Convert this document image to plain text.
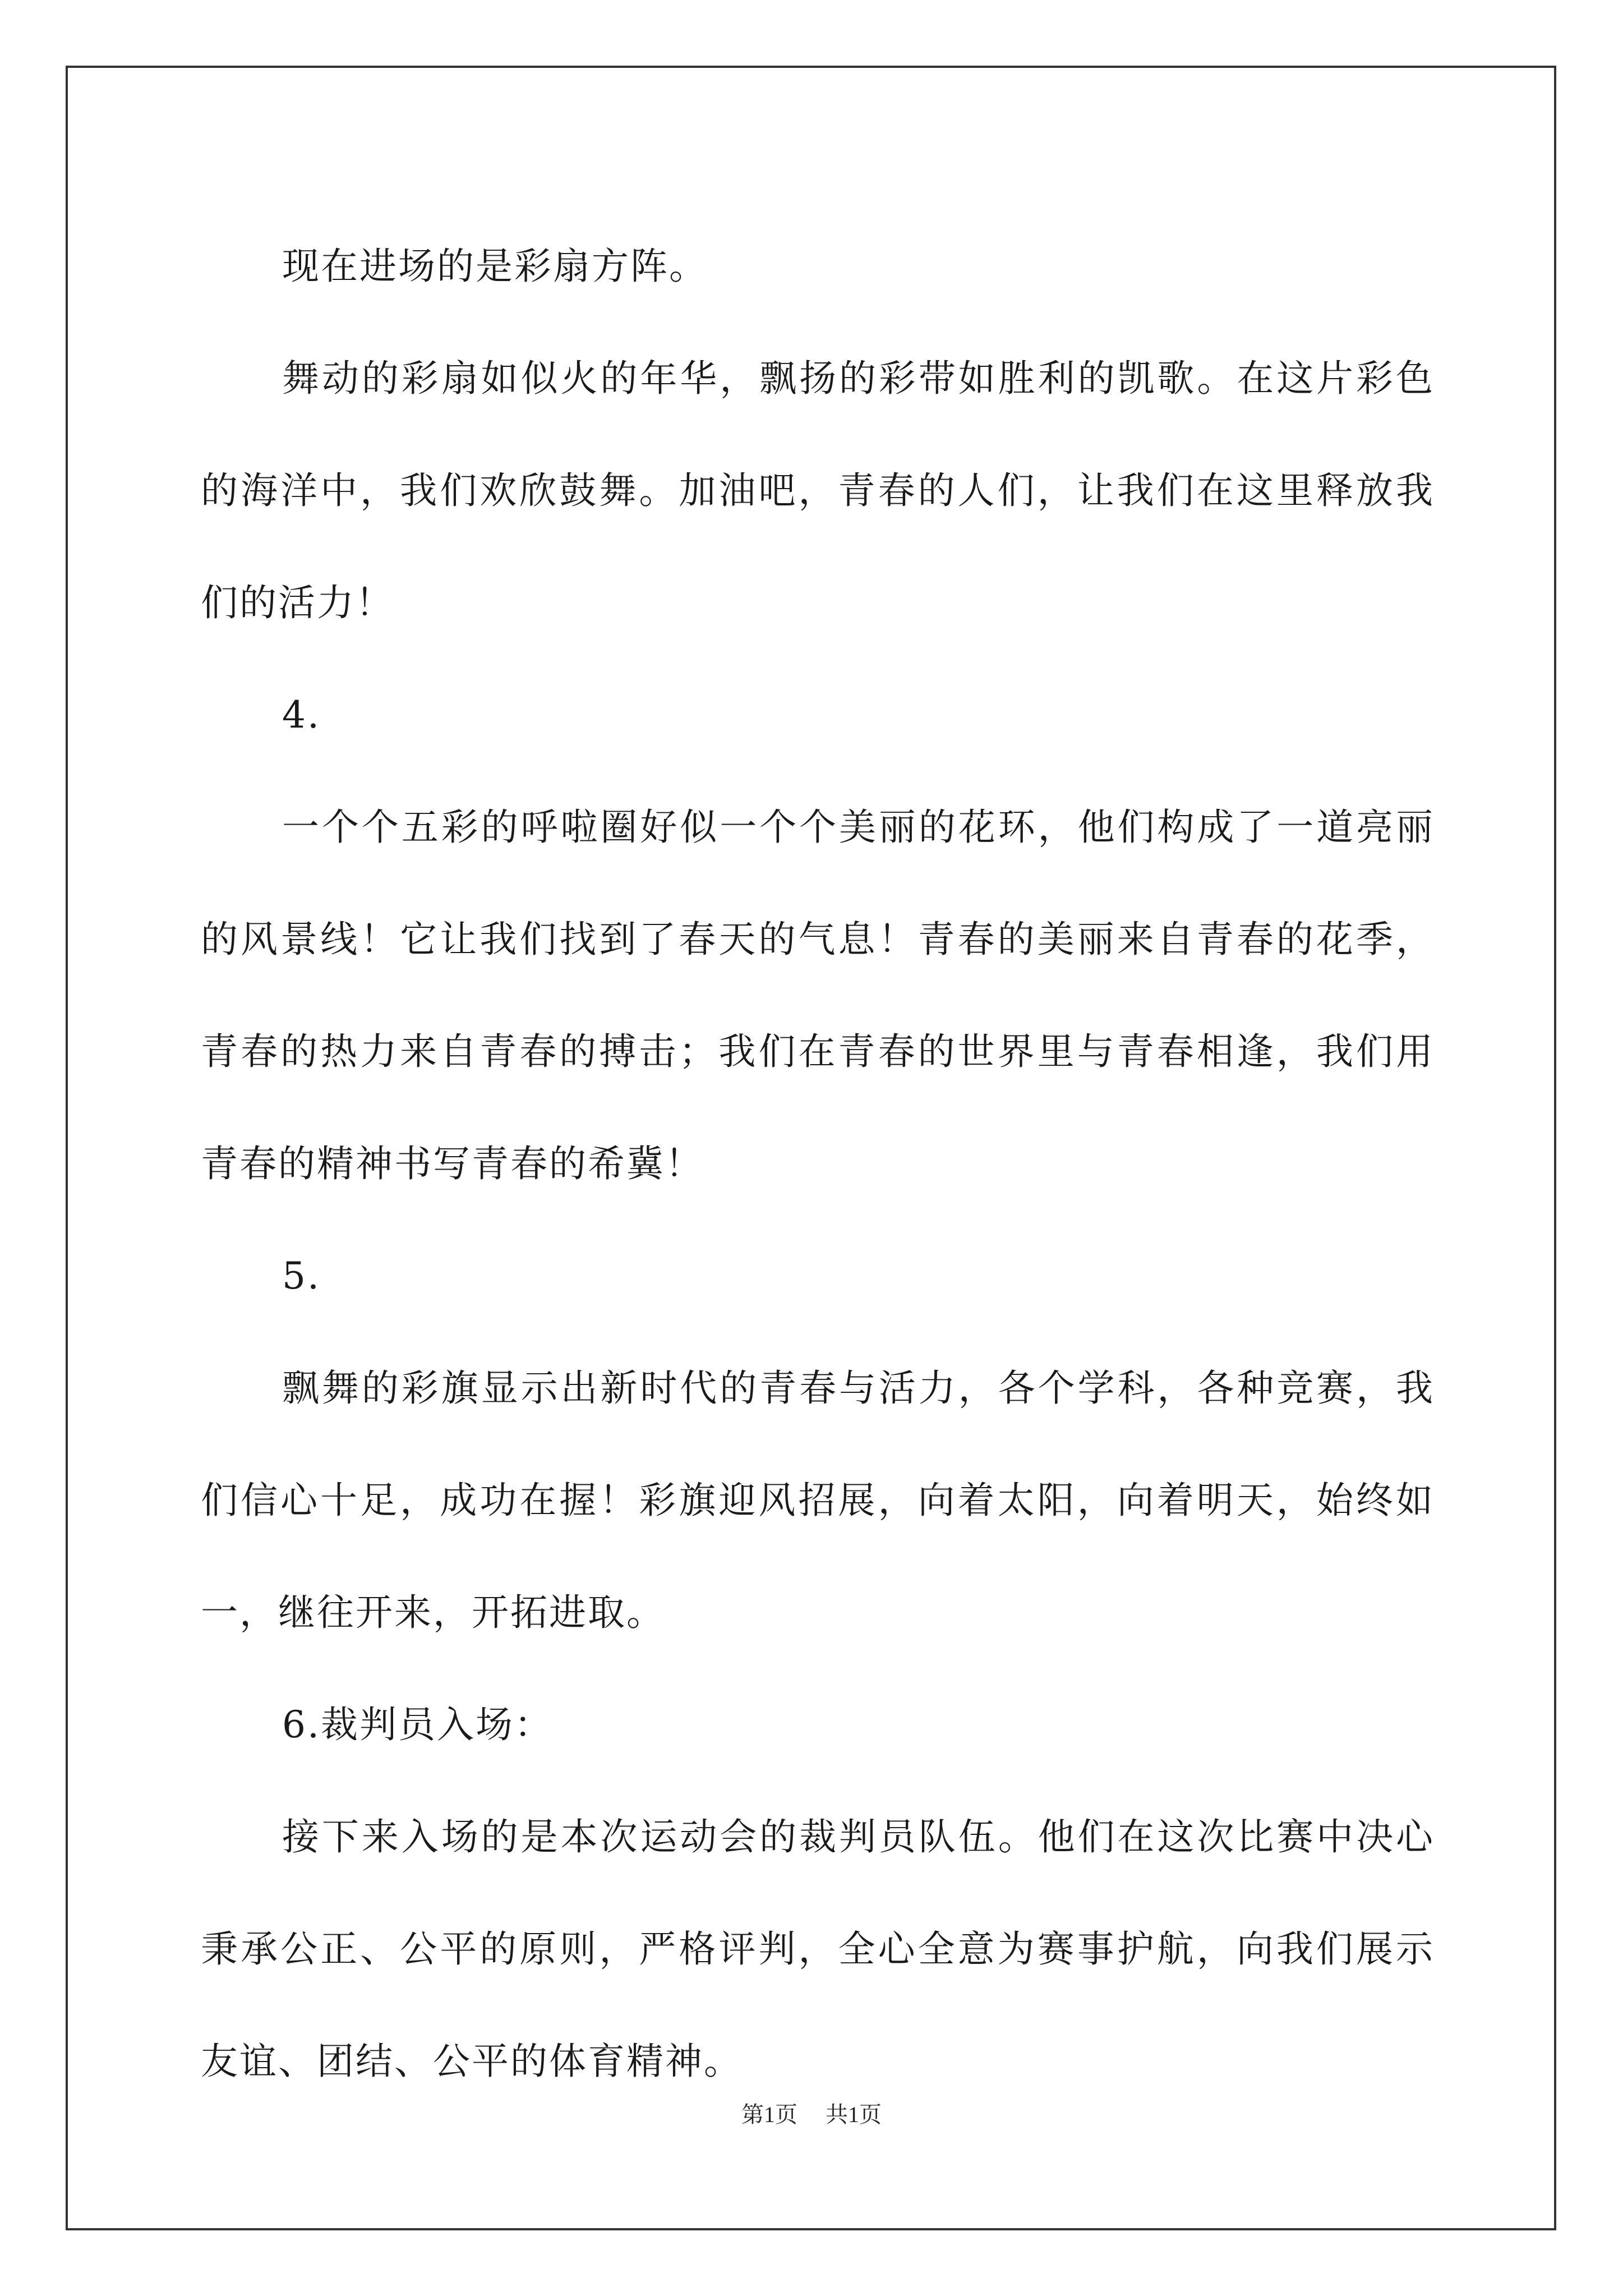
现在进场的是彩扇方阵。

舞动的彩扇如似火的年华，飘扬的彩带如胜利的凯歌。在这片彩色的海洋中，我们欢欣鼓舞。加油吧，青春的人们，让我们在这里释放我们的活力！

4.

一个个五彩的呼啦圈好似一个个美丽的花环，他们构成了一道亮丽的风景线！它让我们找到了春天的气息！青春的美丽来自青春的花季，青春的热力来自青春的搏击；我们在青春的世界里与青春相逢，我们用青春的精神书写青春的希冀！

5.

飘舞的彩旗显示出新时代的青春与活力，各个学科，各种竞赛，我们信心十足，成功在握！彩旗迎风招展，向着太阳，向着明天，始终如一，继往开来，开拓进取。

6.裁判员入场：

接下来入场的是本次运动会的裁判员队伍。他们在这次比赛中决心秉承公正、公平的原则，严格评判，全心全意为赛事护航，向我们展示友谊、团结、公平的体育精神。

第1页 共1页
